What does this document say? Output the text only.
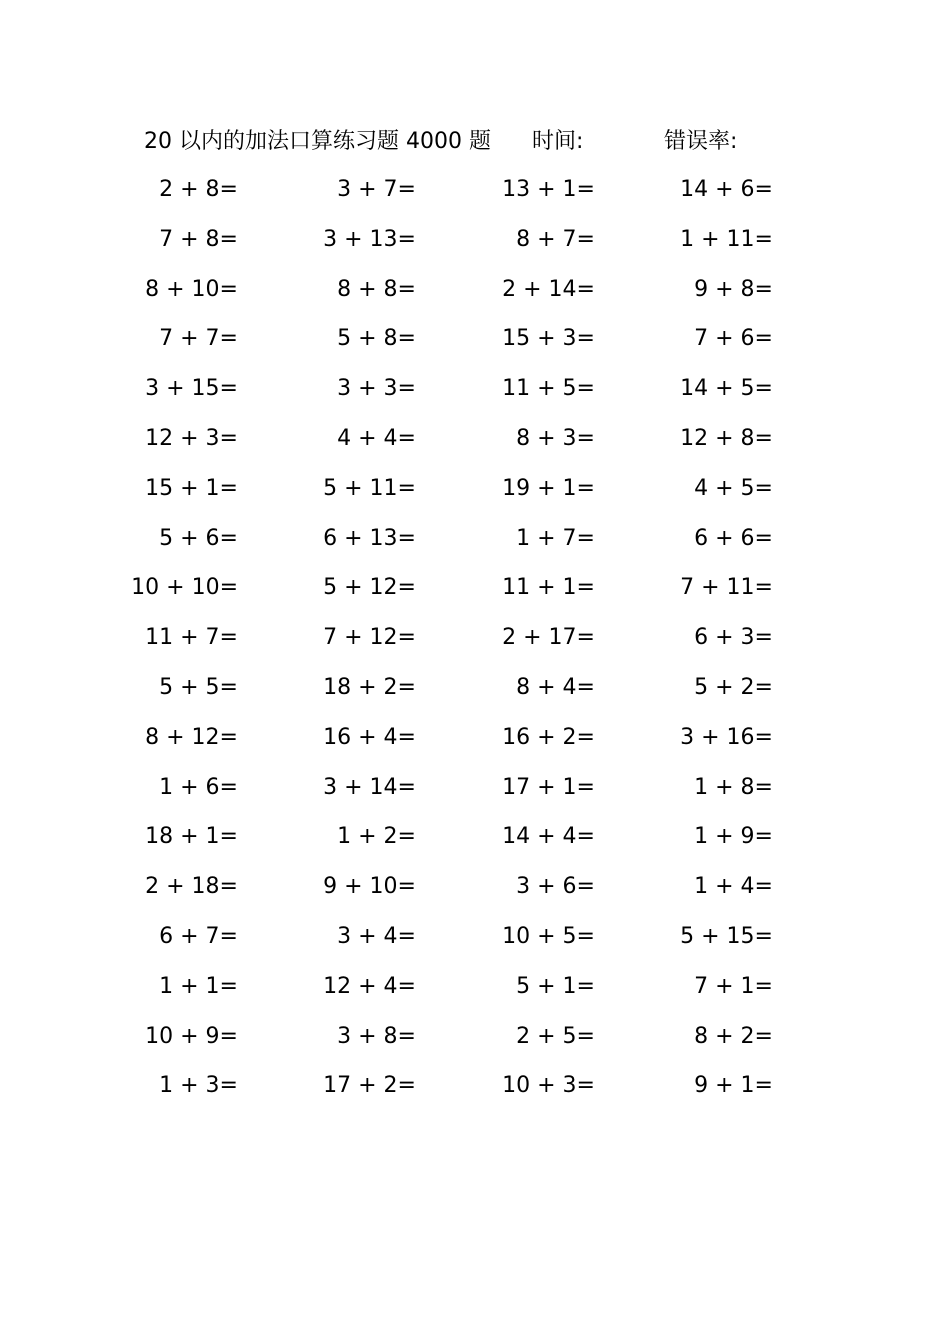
20 以内的加法口算练习题 4000 题 时间:	错误率:
2 + 8=	3 + 7=	13 + 1=	14 + 6=
7 + 8=	3 + 13=	8 + 7=	1 + 11=
8 + 10=	8 + 8=	2 + 14=	9 + 8=
7 + 7=	5 + 8=	15 + 3=	7 + 6=
3 + 15=	3 + 3=	11 + 5=	14 + 5=
12 + 3=	4 + 4=	8 + 3=	12 + 8=
15 + 1=	5 + 11=	19 + 1=	4 + 5=
5 + 6=	6 + 13=	1 + 7=	6 + 6=
10 + 10=	5 + 12=	11 + 1=	7 + 11=
11 + 7=	7 + 12=	2 + 17=	6 + 3=
5 + 5=	18 + 2=	8 + 4=	5 + 2=
8 + 12=	16 + 4=	16 + 2=	3 + 16=
1 + 6=	3 + 14=	17 + 1=	1 + 8=
18 + 1=	1 + 2=	14 + 4=	1 + 9=
2 + 18=	9 + 10=	3 + 6=	1 + 4=
6 + 7=	3 + 4=	10 + 5=	5 + 15=
1 + 1=	12 + 4=	5 + 1=	7 + 1=
10 + 9=	3 + 8=	2 + 5=	8 + 2=
1 + 3=	17 + 2=	10 + 3=	9 + 1=
